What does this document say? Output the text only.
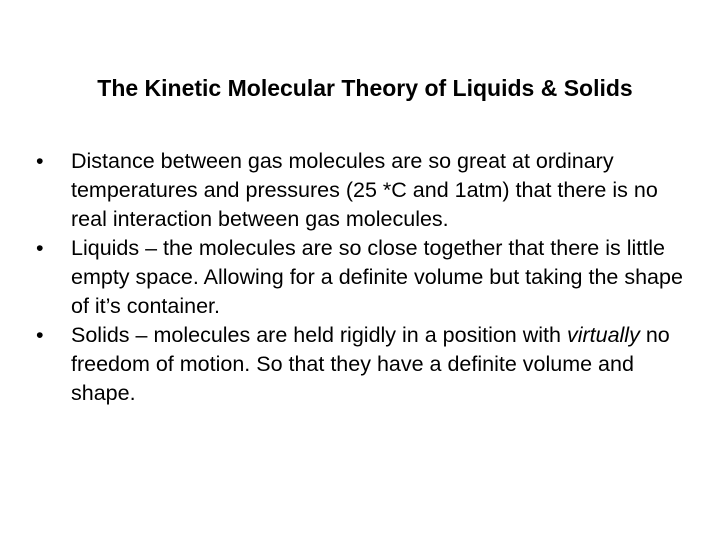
The Kinetic Molecular Theory of Liquids & Solids
•	Distance between gas molecules are so great at ordinary temperatures and pressures (25 *C and 1atm) that there is no real interaction between gas molecules.
•	Liquids – the molecules are so close together that there is little empty space. Allowing for a definite volume but taking the shape of it’s container.
•	Solids – molecules are held rigidly in a position with virtually no freedom of motion. So that they have a definite volume and shape.
